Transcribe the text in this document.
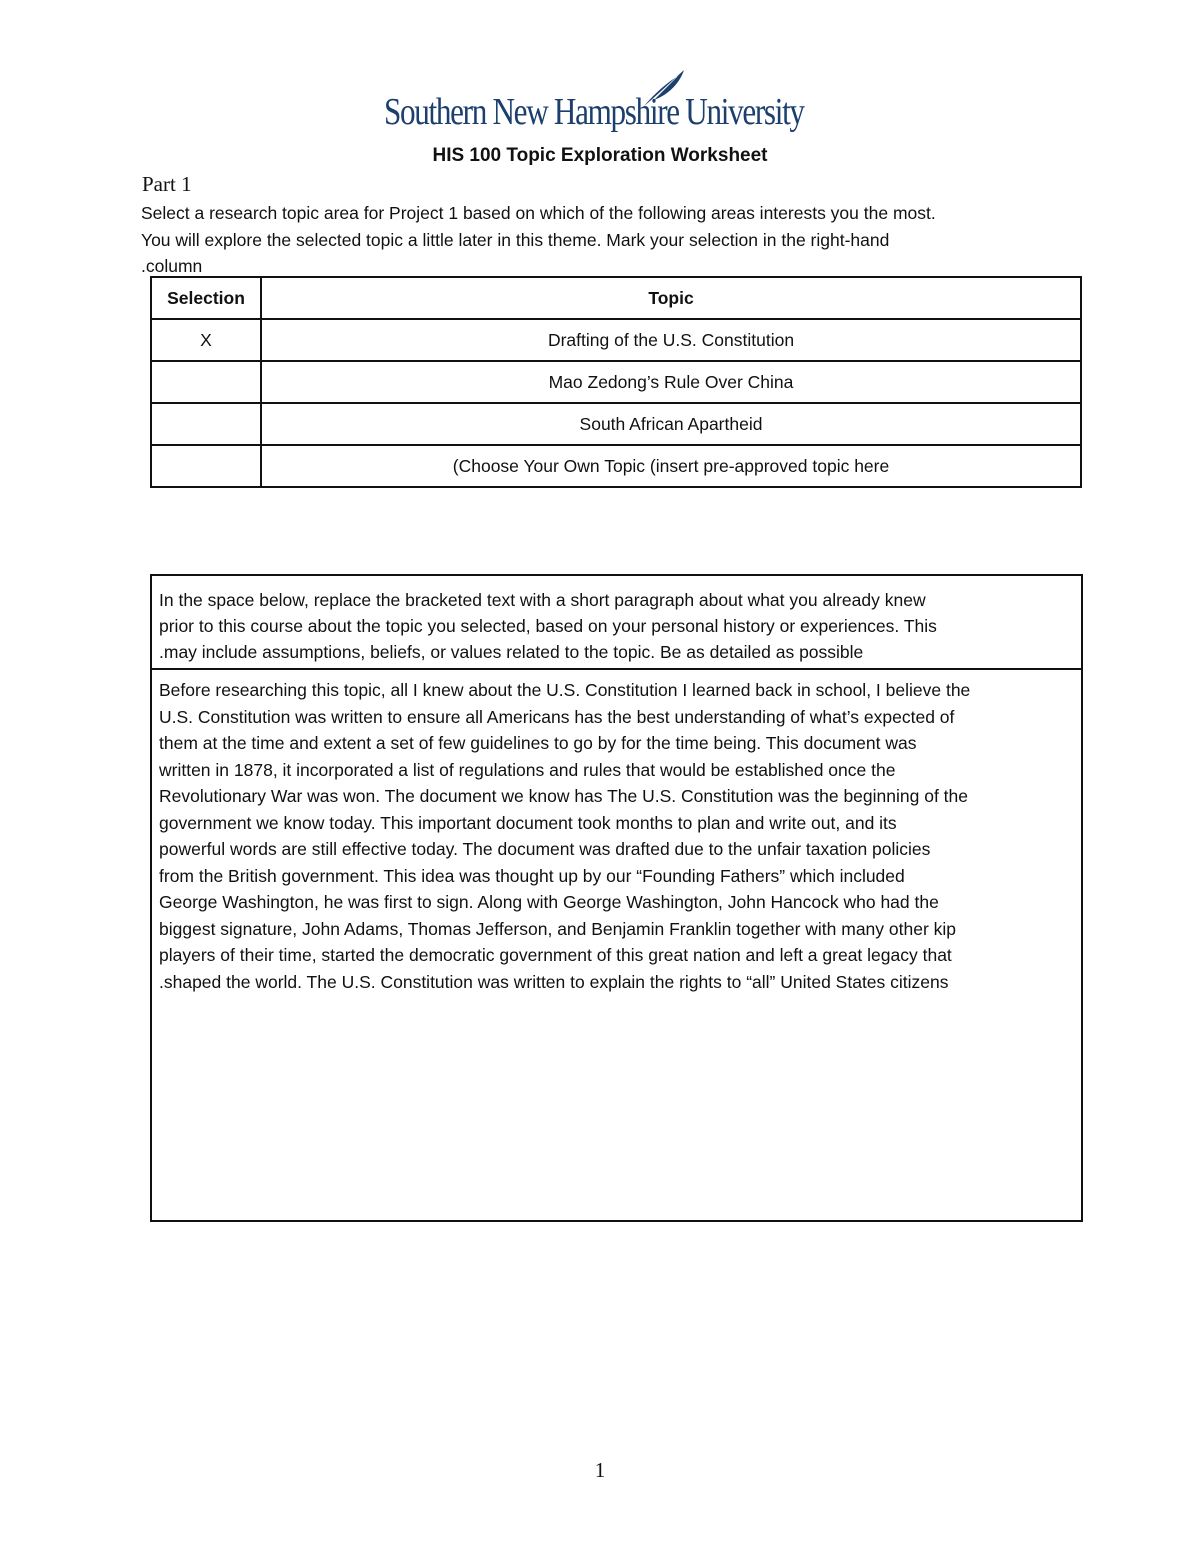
Southern New Hampshire University
HIS 100 Topic Exploration Worksheet
Part 1
Select a research topic area for Project 1 based on which of the following areas interests you the most.
You will explore the selected topic a little later in this theme. Mark your selection in the right-hand
.column
Selection	Topic
X	Drafting of the U.S. Constitution
	Mao Zedong’s Rule Over China
	South African Apartheid
	(Choose Your Own Topic (insert pre-approved topic here
In the space below, replace the bracketed text with a short paragraph about what you already knew
prior to this course about the topic you selected, based on your personal history or experiences. This
.may include assumptions, beliefs, or values related to the topic. Be as detailed as possible
Before researching this topic, all I knew about the U.S. Constitution I learned back in school, I believe the
U.S. Constitution was written to ensure all Americans has the best understanding of what’s expected of
them at the time and extent a set of few guidelines to go by for the time being. This document was
written in 1878, it incorporated a list of regulations and rules that would be established once the
Revolutionary War was won. The document we know has The U.S. Constitution was the beginning of the
government we know today. This important document took months to plan and write out, and its
powerful words are still effective today. The document was drafted due to the unfair taxation policies
from the British government. This idea was thought up by our “Founding Fathers” which included
George Washington, he was first to sign. Along with George Washington, John Hancock who had the
biggest signature, John Adams, Thomas Jefferson, and Benjamin Franklin together with many other kip
players of their time, started the democratic government of this great nation and left a great legacy that
.shaped the world. The U.S. Constitution was written to explain the rights to “all” United States citizens
1
